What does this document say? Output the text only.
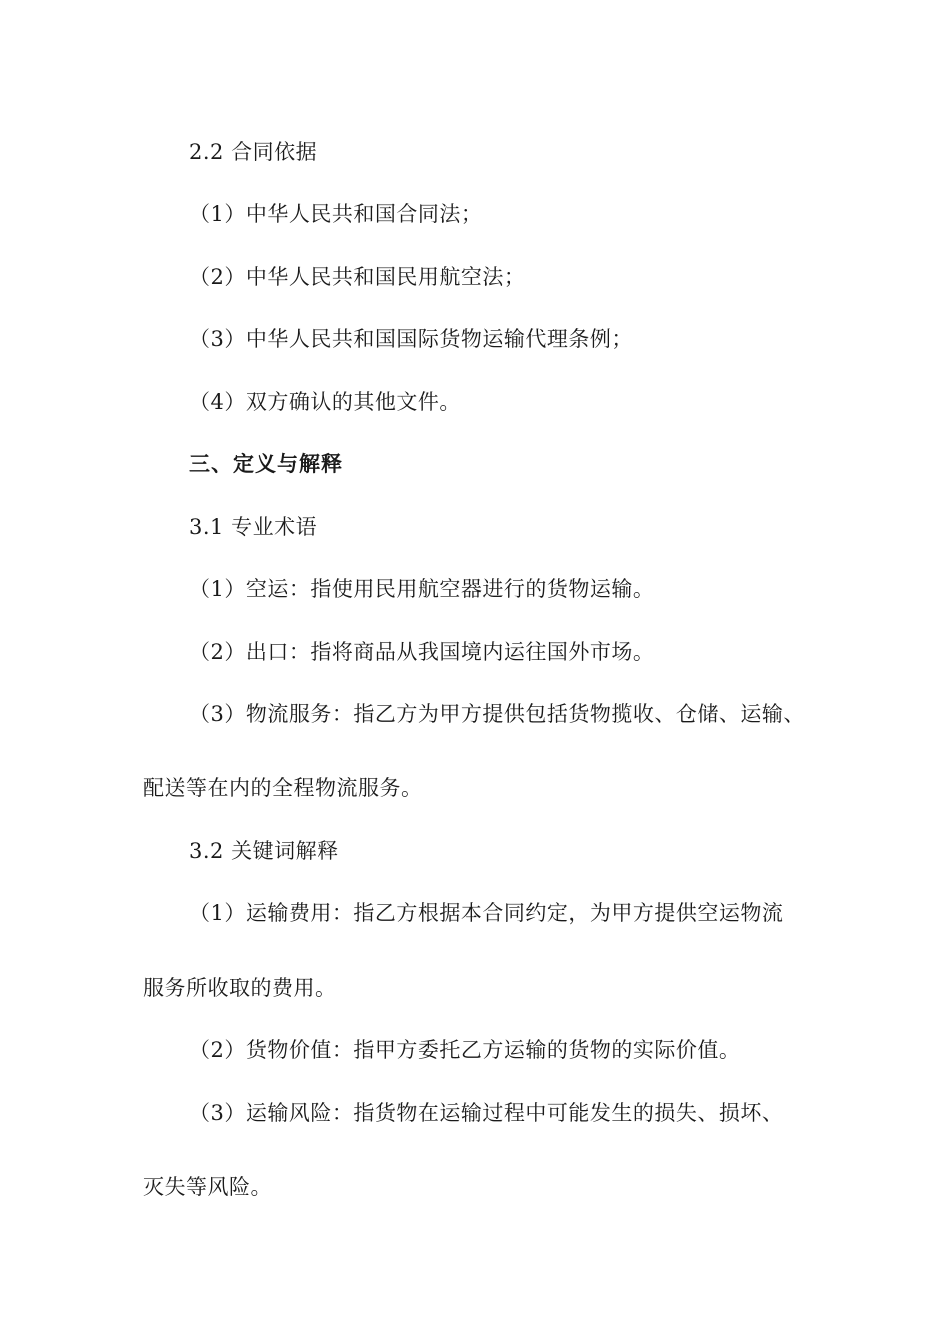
2.2 合同依据
（1）中华人民共和国合同法；
（2）中华人民共和国民用航空法；
（3）中华人民共和国国际货物运输代理条例；
（4）双方确认的其他文件。
三、定义与解释
3.1 专业术语
（1）空运：指使用民用航空器进行的货物运输。
（2）出口：指将商品从我国境内运往国外市场。
（3）物流服务：指乙方为甲方提供包括货物揽收、仓储、运输、
配送等在内的全程物流服务。
3.2 关键词解释
（1）运输费用：指乙方根据本合同约定，为甲方提供空运物流
服务所收取的费用。
（2）货物价值：指甲方委托乙方运输的货物的实际价值。
（3）运输风险：指货物在运输过程中可能发生的损失、损坏、
灭失等风险。
